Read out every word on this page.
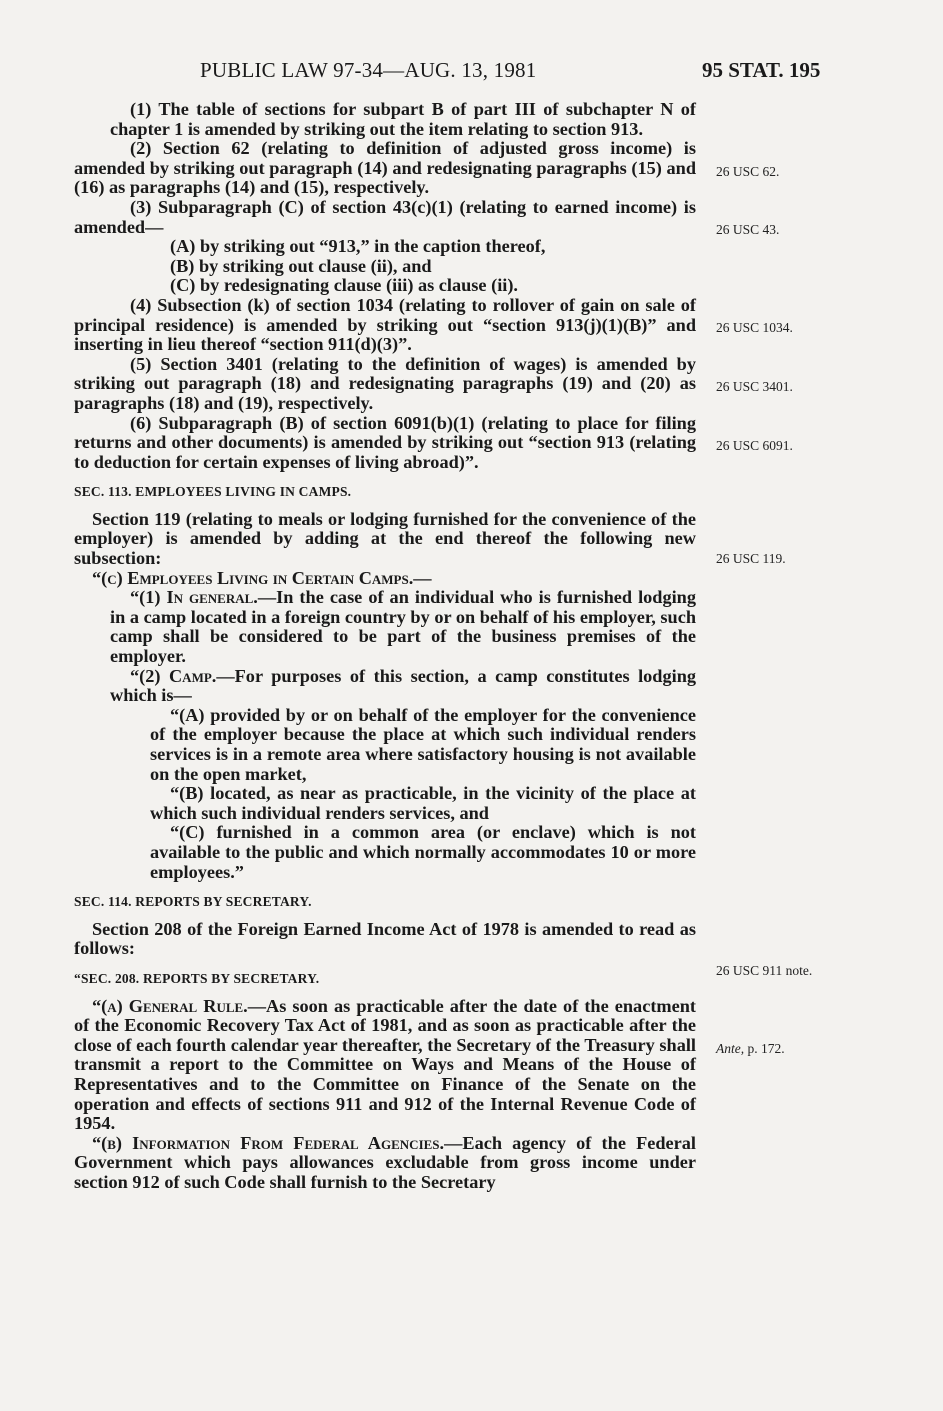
PUBLIC LAW 97-34—AUG. 13, 1981	95 STAT. 195

(1) The table of sections for subpart B of part III of subchapter N of chapter 1 is amended by striking out the item relating to section 913.

(2) Section 62 (relating to definition of adjusted gross income) is amended by striking out paragraph (14) and redesignating paragraphs (15) and (16) as paragraphs (14) and (15), respectively.

(3) Subparagraph (C) of section 43(c)(1) (relating to earned income) is amended—

(A) by striking out “913,” in the caption thereof,

(B) by striking out clause (ii), and

(C) by redesignating clause (iii) as clause (ii).

(4) Subsection (k) of section 1034 (relating to rollover of gain on sale of principal residence) is amended by striking out “section 913(j)(1)(B)” and inserting in lieu thereof “section 911(d)(3)”.

(5) Section 3401 (relating to the definition of wages) is amended by striking out paragraph (18) and redesignating paragraphs (19) and (20) as paragraphs (18) and (19), respectively.

(6) Subparagraph (B) of section 6091(b)(1) (relating to place for filing returns and other documents) is amended by striking out “section 913 (relating to deduction for certain expenses of living abroad)”.

SEC. 113. EMPLOYEES LIVING IN CAMPS.

Section 119 (relating to meals or lodging furnished for the convenience of the employer) is amended by adding at the end thereof the following new subsection:

“(c) Employees Living in Certain Camps.—

“(1) In general.—In the case of an individual who is furnished lodging in a camp located in a foreign country by or on behalf of his employer, such camp shall be considered to be part of the business premises of the employer.

“(2) Camp.—For purposes of this section, a camp constitutes lodging which is—

“(A) provided by or on behalf of the employer for the convenience of the employer because the place at which such individual renders services is in a remote area where satisfactory housing is not available on the open market,

“(B) located, as near as practicable, in the vicinity of the place at which such individual renders services, and

“(C) furnished in a common area (or enclave) which is not available to the public and which normally accommodates 10 or more employees.”

SEC. 114. REPORTS BY SECRETARY.

Section 208 of the Foreign Earned Income Act of 1978 is amended to read as follows:

“SEC. 208. REPORTS BY SECRETARY.

“(a) General Rule.—As soon as practicable after the date of the enactment of the Economic Recovery Tax Act of 1981, and as soon as practicable after the close of each fourth calendar year thereafter, the Secretary of the Treasury shall transmit a report to the Committee on Ways and Means of the House of Representatives and to the Committee on Finance of the Senate on the operation and effects of sections 911 and 912 of the Internal Revenue Code of 1954.

“(b) Information From Federal Agencies.—Each agency of the Federal Government which pays allowances excludable from gross income under section 912 of such Code shall furnish to the Secretary

26 USC 62.
26 USC 43.
26 USC 1034.
26 USC 3401.
26 USC 6091.
26 USC 119.
26 USC 911 note.
Ante, p. 172.
